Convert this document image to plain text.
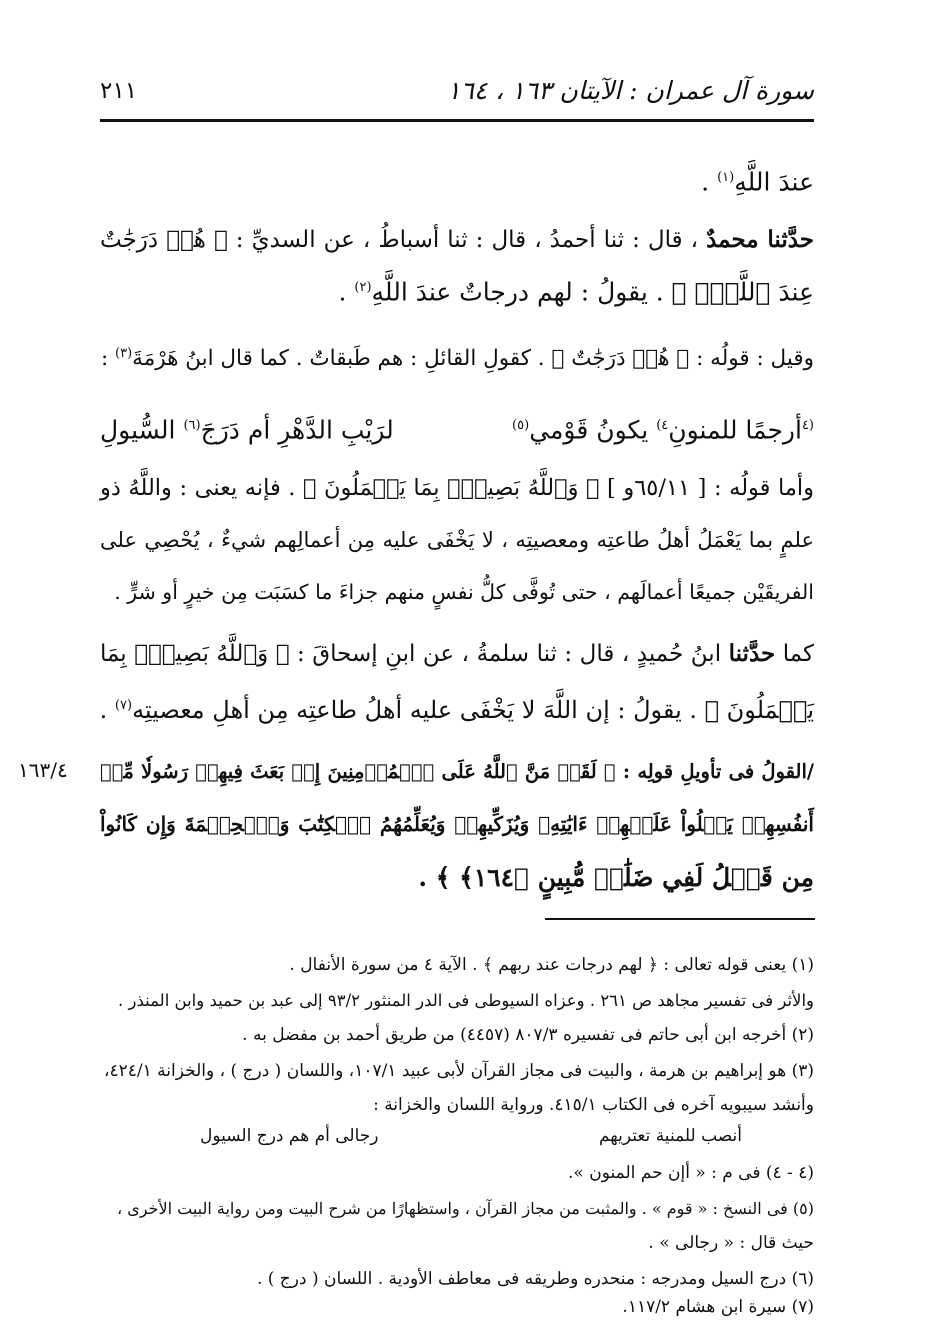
سورة آل عمران : الآيتان ١٦٣ ، ١٦٤
٢١١
عندَ اللَّهِ$^{(١)}$ .
حدَّثنا محمدٌ ، قال : ثنا أحمدُ ، قال : ثنا أسباطُ ، عن السديِّ : ﴿ هُمۡ دَرَجَٰتٌ
عِندَ ٱللَّهِۗ ﴾ . يقولُ : لهم درجاتٌ عندَ اللَّهِ$^{(٢)}$ .
وقيل : قولُه : ﴿ هُمۡ دَرَجَٰتٌ ﴾ . كقولِ القائلِ : هم طَبقاتٌ . كما قال ابنُ هَرْمَةَ$^{(٣)}$ :
$^{(٤}$أرجمًا للمنونِ$^{٤)}$ يكونُ قَوْمي$^{(٥)}$
لرَيْبِ الدَّهْرِ أم دَرَجَ$^{(٦)}$ السُّيولِ
وأما قولُه : [ ٦٥/١١و ] ﴿ وَٱللَّهُ بَصِيرُۢ بِمَا يَعۡمَلُونَ ﴾ . فإنه يعنى : واللَّهُ ذو
علمٍ بما يَعْمَلُ أهلُ طاعتِه ومعصيتِه ، لا يَخْفَى عليه مِن أعمالِهم شيءٌ ، يُحْصِي على
الفريقَيْن جميعًا أعمالَهم ، حتى تُوفَّى كلُّ نفسٍ منهم جزاءَ ما كسَبَت مِن خيرٍ أو شرٍّ .
كما حدَّثنا ابنُ حُميدٍ ، قال : ثنا سلمةُ ، عن ابنِ إسحاقَ : ﴿ وَٱللَّهُ بَصِيرُۢ بِمَا
يَعۡمَلُونَ ﴾ . يقولُ : إن اللَّهَ لا يَخْفَى عليه أهلُ طاعتِه مِن أهلِ معصيتِه$^{(٧)}$ .
/القولُ فى تأويلِ قولِه : ﴿ لَقَدۡ مَنَّ ٱللَّهُ عَلَى ٱلۡمُؤۡمِنِينَ إِذۡ بَعَثَ فِيهِمۡ رَسُولٗا مِّنۡ
أَنفُسِهِمۡ يَتۡلُواْ عَلَيۡهِمۡ ءَايَٰتِهِۦ وَيُزَكِّيهِمۡ وَيُعَلِّمُهُمُ ٱلۡكِتَٰبَ وَٱلۡحِكۡمَةَ وَإِن كَانُواْ
مِن قَبۡلُ لَفِي ضَلَٰلٖ مُّبِينٍ ﴿١٦٤﴾ ﴾ .
١٦٣/٤
(١) يعنى قوله تعالى : ﴿ لهم درجات عند ربهم ﴾ . الآية ٤ من سورة الأنفال .
والأثر فى تفسير مجاهد ص ٢٦١ . وعزاه السيوطى فى الدر المنثور ٩٣/٢ إلى عبد بن حميد وابن المنذر .
(٢) أخرجه ابن أبى حاتم فى تفسيره ٨٠٧/٣ (٤٤٥٧) من طريق أحمد بن مفضل به .
(٣) هو إبراهيم بن هرمة ، والبيت فى مجاز القرآن لأبى عبيد ١٠٧/١، واللسان ( درج ) ، والخزانة ٤٢٤/١،
وأنشد سيبويه آخره فى الكتاب ٤١٥/١. ورواية اللسان والخزانة :
أنصب للمنية تعتريهم
رجالى أم هم درج السيول
(٤ - ٤) فى م : « أإن حم المنون ».
(٥) فى النسخ : « قوم » . والمثبت من مجاز القرآن ، واستظهارًا من شرح البيت ومن رواية البيت الأخرى ،
حيث قال : « رجالى » .
(٦) درج السيل ومدرجه : منحدره وطريقه فى معاطف الأودية . اللسان ( درج ) .
(٧) سيرة ابن هشام ١١٧/٢.
